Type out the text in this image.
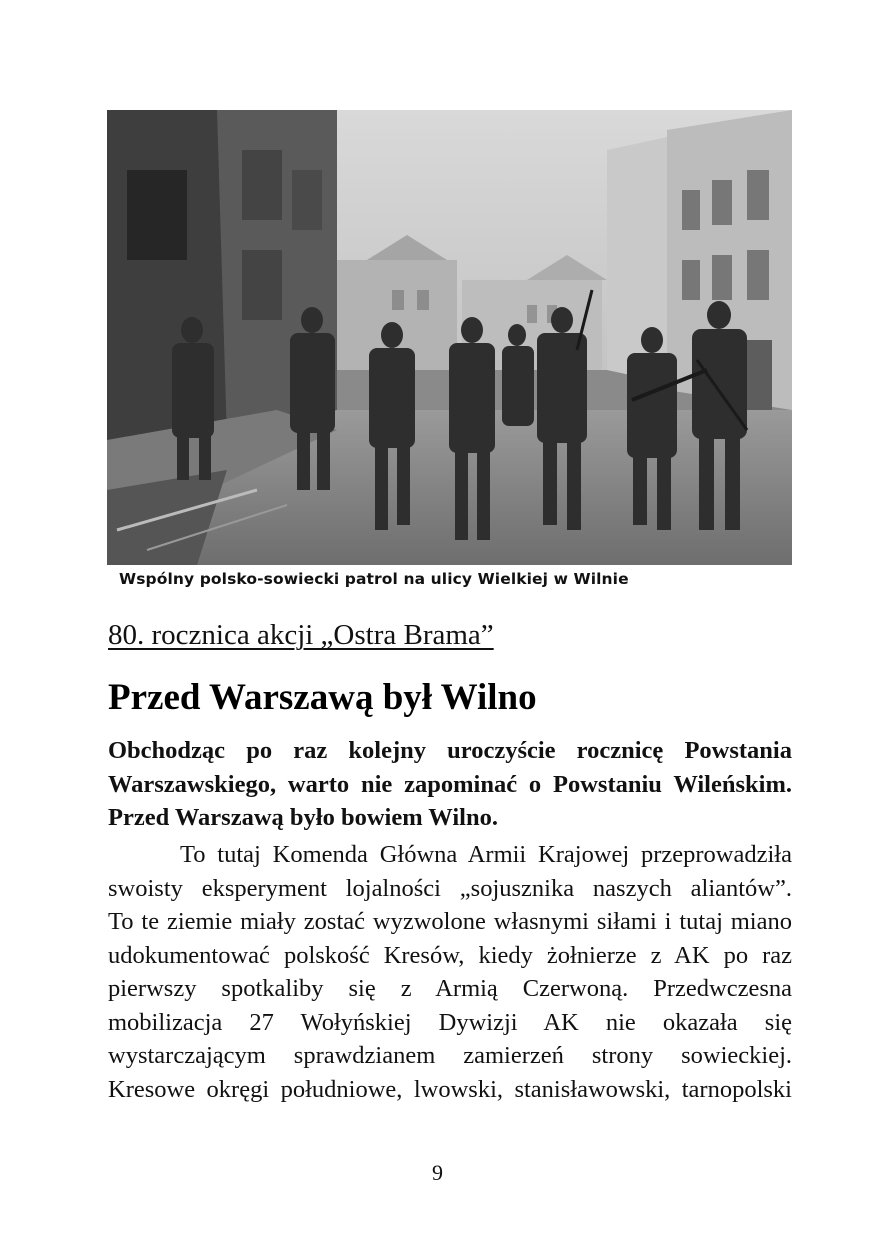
Wspólny polsko-sowiecki patrol na ulicy Wielkiej w Wilnie
80. rocznica akcji „Ostra Brama”
Przed Warszawą był Wilno
Obchodząc po raz kolejny uroczyście rocznicę Powstania
Warszawskiego, warto nie zapominać o Powstaniu Wileńskim.
Przed Warszawą było bowiem Wilno.
To tutaj Komenda Główna Armii Krajowej przeprowadziła
swoisty eksperyment lojalności „sojusznika naszych aliantów”.
To te ziemie miały zostać wyzwolone własnymi siłami i tutaj miano
udokumentować polskość Kresów, kiedy żołnierze z AK po raz
pierwszy spotkaliby się z Armią Czerwoną. Przedwczesna
mobilizacja 27 Wołyńskiej Dywizji AK nie okazała się
wystarczającym sprawdzianem zamierzeń strony sowieckiej.
Kresowe okręgi południowe, lwowski, stanisławowski, tarnopolski
9
